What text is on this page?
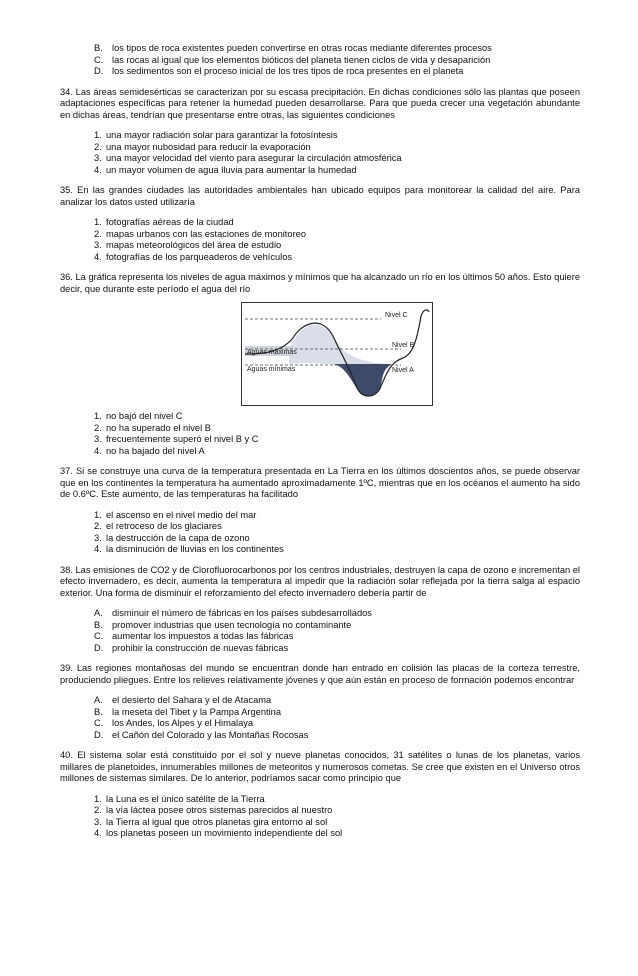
B. los tipos de roca existentes pueden convertirse en otras rocas mediante diferentes procesos
C. las rocas al igual que los elementos bióticos del planeta tienen ciclos de vida y desaparición
D. los sedimentos son el proceso inicial de los tres tipos de roca presentes en el planeta
34. Las áreas semidesérticas se caracterizan por su escasa precipitación. En dichas condiciones sólo las plantas que poseen adaptaciones específicas para retener la humedad pueden desarrollarse. Para que pueda crecer una vegetación abundante en dichas áreas, tendrían que presentarse entre otras, las siguientes condiciones
1. una mayor radiación solar para garantizar la fotosíntesis
2. una mayor nubosidad para reducir la evaporación
3. una mayor velocidad del viento para asegurar la circulación atmosférica
4. un mayor volumen de agua lluvia para aumentar la humedad
35. En las grandes ciudades las autoridades ambientales han ubicado equipos para monitorear la calidad del aire. Para analizar los datos usted utilizaría
1. fotografías aéreas de la ciudad
2. mapas urbanos con las estaciones de monitoreo
3. mapas meteorológicos del área de estudio
4. fotografías de los parqueaderos de vehículos
36. La gráfica representa los niveles de agua máximos y mínimos que ha alcanzado un río en los últimos 50 años. Esto quiere decir, que durante este período el agua del río
Aguas máximas
Aguas mínimas
Nivel C
Nivel B
Nivel A
1. no bajó del nivel C
2. no ha superado el nivel B
3. frecuentemente superó el nivel B y C
4. no ha bajado del nivel A
37. Si se construye una curva de la temperatura presentada en La Tierra en los últimos doscientos años, se puede observar que en los continentes la temperatura ha aumentado aproximadamente 1ºC, mientras que en los océanos el aumento ha sido de 0.6ºC. Este aumento, de las temperaturas ha facilitado
1. el ascenso en el nivel medio del mar
2. el retroceso de los glaciares
3. la destrucción de la capa de ozono
4. la disminución de lluvias en los continentes
38. Las emisiones de CO2 y de Clorofluorocarbonos por los centros industriales, destruyen la capa de ozono e incrementan el efecto invernadero, es decir, aumenta la temperatura al impedir que la radiación solar reflejada por la tierra salga al espacio exterior. Una forma de disminuir el reforzamiento del efecto invernadero debería partir de
A. disminuir el número de fábricas en los países subdesarrollados
B. promover industrias que usen tecnología no contaminante
C. aumentar los impuestos a todas las fábricas
D. prohibir la construcción de nuevas fábricas
39. Las regiones montañosas del mundo se encuentran donde han entrado en colisión las placas de la corteza terrestre, produciendo pliegues. Entre los relieves relativamente jóvenes y que aún están en proceso de formación podemos encontrar
A. el desierto del Sahara y el de Atacama
B. la meseta del Tibet y la Pampa Argentina
C. los Andes, los Alpes y el Himalaya
D. el Cañón del Colorado y las Montañas Rocosas
40. El sistema solar está constituido por el sol y nueve planetas conocidos, 31 satélites o lunas de los planetas, varios millares de planetoides, innumerables millones de meteoritos y numerosos cometas. Se cree que existen en el Universo otros millones de sistemas similares. De lo anterior, podríamos sacar como principio que
1. la Luna es el único satélite de la Tierra
2. la vía láctea posee otros sistemas parecidos al nuestro
3. la Tierra al igual que otros planetas gira entorno al sol
4. los planetas poseen un movimiento independiente del sol
